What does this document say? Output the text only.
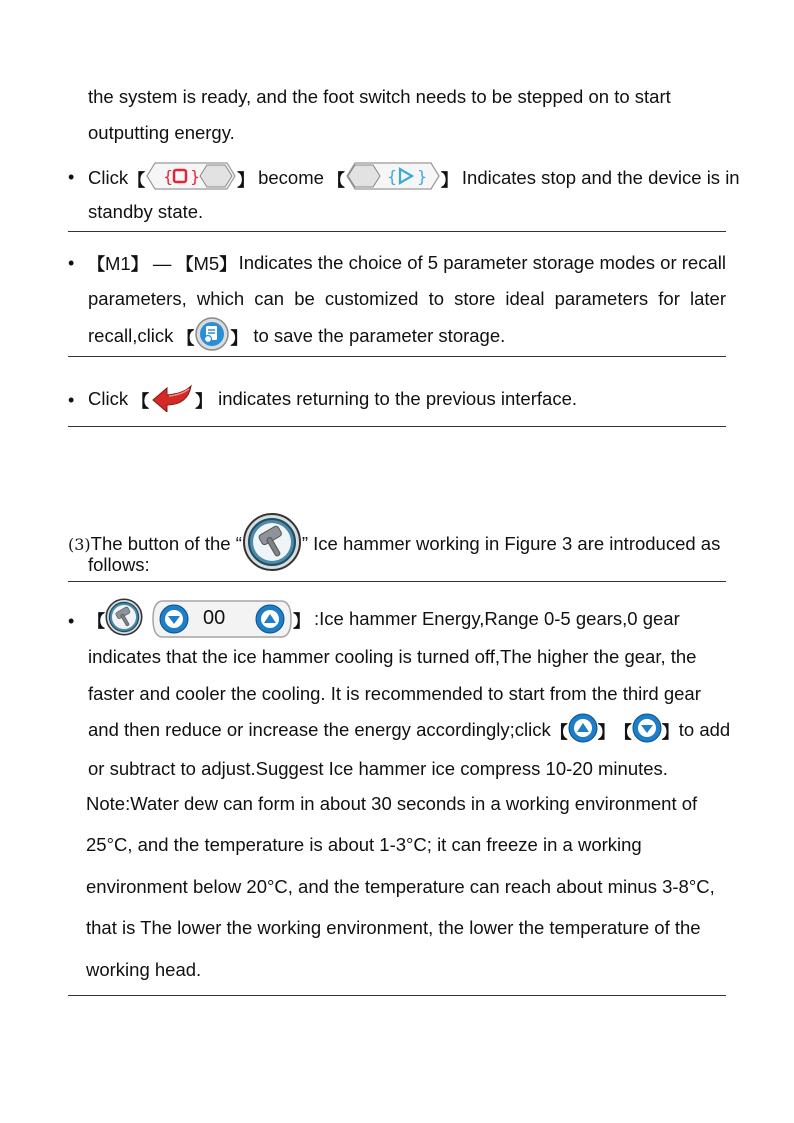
the system is ready, and the foot switch needs to be stepped on to start
outputting energy.
• Click 【 { } 】 become 【	{ } 】 Indicates stop and the device is in
standby state.
• 【M1】 — 【M5】 Indicates the choice of 5 parameter storage modes or recall
parameters, which can be customized to store ideal parameters for later
recall,click 【 】 to save the parameter storage.
• Click 【	】 indicates returning to the previous interface.
(3) The button of the “	” Ice hammer working in Figure 3 are introduced as
follows:
• 【	00	】 :Ice hammer Energy,Range 0-5 gears,0 gear
indicates that the ice hammer cooling is turned off,The higher the gear, the
faster and cooler the cooling. It is recommended to start from the third gear
and then reduce or increase the energy accordingly;click 【 】 【 】 to add
or subtract to adjust.Suggest Ice hammer ice compress 10-20 minutes.
Note:Water dew can form in about 30 seconds in a working environment of
25°C, and the temperature is about 1-3°C; it can freeze in a working
environment below 20°C, and the temperature can reach about minus 3-8°C,
that is The lower the working environment, the lower the temperature of the
working head.
